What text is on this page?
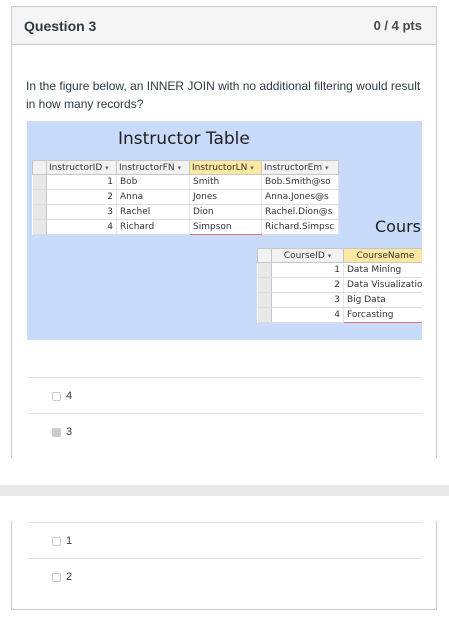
Question 3	0 / 4 pts
In the figure below, an INNER JOIN with no additional filtering would result in how many records?
Instructor Table
Cours
	InstructorID ▾	InstructorFN ▾	InstructorLN ▾	InstructorEm ▾
	1	Bob	Smith	Bob.Smith@so
	2	Anna	Jones	Anna.Jones@s
	3	Rachel	Dion	Rachel.Dion@s
	4	Richard	Simpson	Richard.Simpsc
	CourseID ▾	CourseName
	1	Data Mining
	2	Data Visualizatio
	3	Big Data
	4	Forcasting
4
3
1
2
